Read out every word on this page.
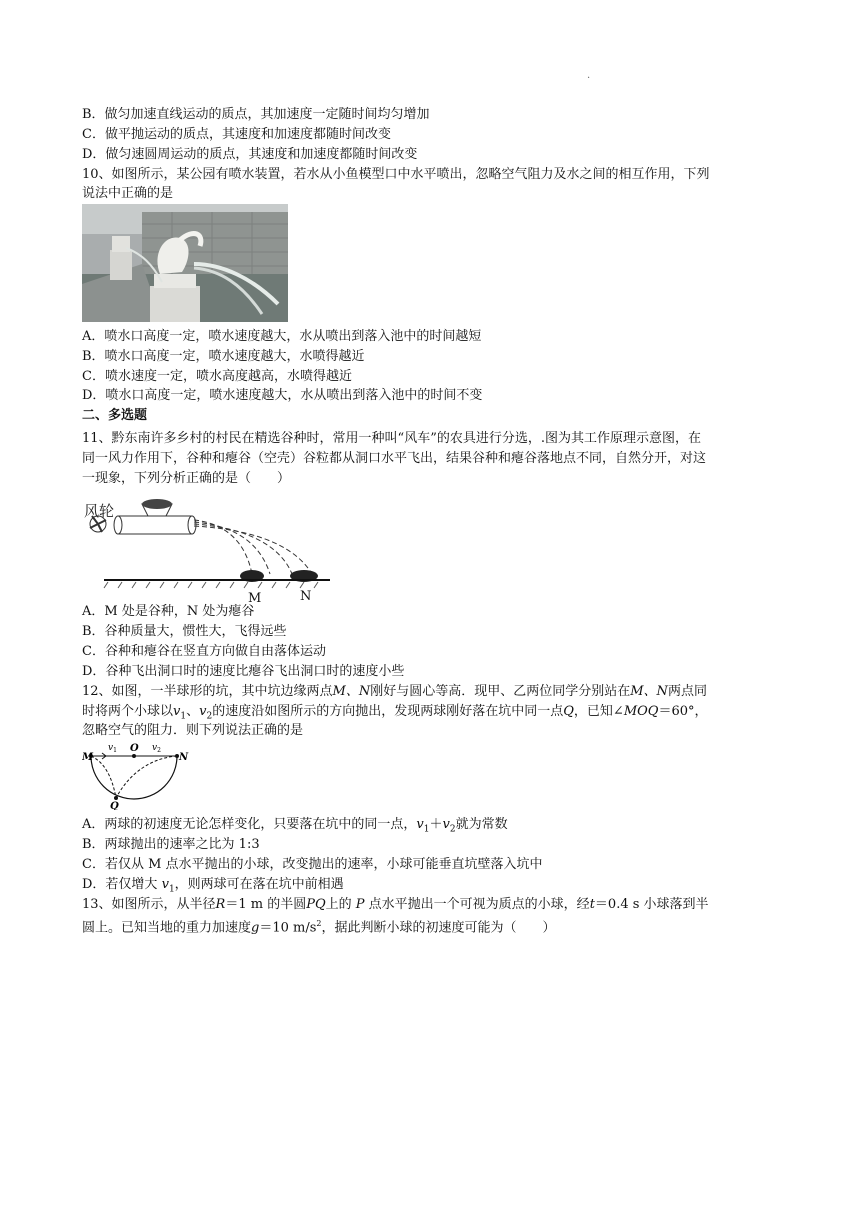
.
B．做匀加速直线运动的质点，其加速度一定随时间均匀增加
C．做平抛运动的质点，其速度和加速度都随时间改变
D．做匀速圆周运动的质点，其速度和加速度都随时间改变
10、如图所示，某公园有喷水装置，若水从小鱼模型口中水平喷出，忽略空气阻力及水之间的相互作用，下列
说法中正确的是
A．喷水口高度一定，喷水速度越大，水从喷出到落入池中的时间越短
B．喷水口高度一定，喷水速度越大，水喷得越近
C．喷水速度一定，喷水高度越高，水喷得越近
D．喷水口高度一定，喷水速度越大，水从喷出到落入池中的时间不变
二、多选题
11、黔东南许多乡村的村民在精选谷种时，常用一种叫“风车”的农具进行分选，.图为其工作原理示意图，在
同一风力作用下，谷种和瘪谷（空壳）谷粒都从洞口水平飞出，结果谷种和瘪谷落地点不同，自然分开，对这
一现象，下列分析正确的是（　　）
风轮
M	N
A．M 处是谷种，N 处为瘪谷
B．谷种质量大，惯性大，飞得远些
C．谷种和瘪谷在竖直方向做自由落体运动
D．谷种飞出洞口时的速度比瘪谷飞出洞口时的速度小些
12、如图，一半球形的坑，其中坑边缘两点M、N刚好与圆心等高．现甲、乙两位同学分别站在M、N两点同
时将两个小球以$v_1$、$v_2$的速度沿如图所示的方向抛出，发现两球刚好落在坑中同一点Q，已知∠MOQ＝60°，
忽略空气的阻力．则下列说法正确的是
M
O
N
Q
$v_1$	$v_2$
A．两球的初速度无论怎样变化，只要落在坑中的同一点，$v_1+v_2$就为常数
B．两球抛出的速率之比为 1:3
C．若仅从 M 点水平抛出的小球，改变抛出的速率，小球可能垂直坑壁落入坑中
D．若仅增大 $v_1$，则两球可在落在坑中前相遇
13、如图所示，从半径R＝1 m 的半圆PQ上的 P 点水平抛出一个可视为质点的小球，经t＝0.4 s 小球落到半
圆上。已知当地的重力加速度g＝10 $m/s^2$，据此判断小球的初速度可能为（　　）
